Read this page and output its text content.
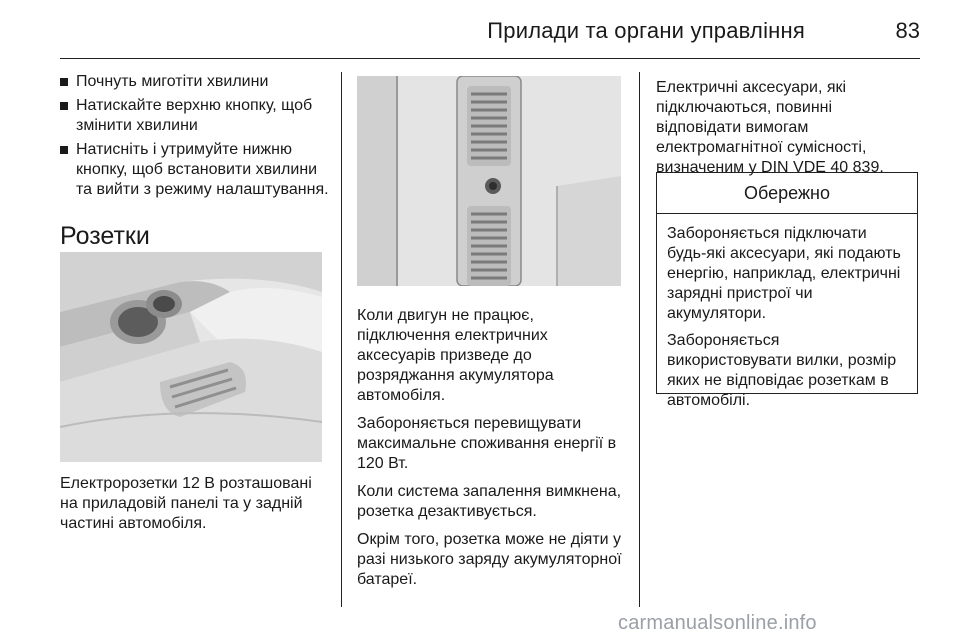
Прилади та органи управління	83
Почнуть миготіти хвилини
Натискайте верхню кнопку, щоб змінити хвилини
Натисніть і утримуйте нижню кнопку, щоб встановити хвилини та вийти з режиму налаштування.
Розетки
Електророзетки 12 В розташовані на приладовій панелі та у задній частині автомобіля.

Коли двигун не працює, підключення електричних аксесуарів призведе до розряджання акумулятора автомобіля.

Забороняється перевищувати максимальне споживання енергії в 120 Вт.

Коли система запалення вимкнена, розетка дезактивується.

Окрім того, розетка може не діяти у разі низького заряду акумуляторної батареї.

Електричні аксесуари, які підключаються, повинні відповідати вимогам електромагнітної сумісності, визначеним у DIN VDE 40 839.

Обережно

Забороняється підключати будь-які аксесуари, які подають енергію, наприклад, електричні зарядні пристрої чи акумулятори.

Забороняється використовувати вилки, розмір яких не відповідає розеткам в автомобілі.

carmanualsonline.info
